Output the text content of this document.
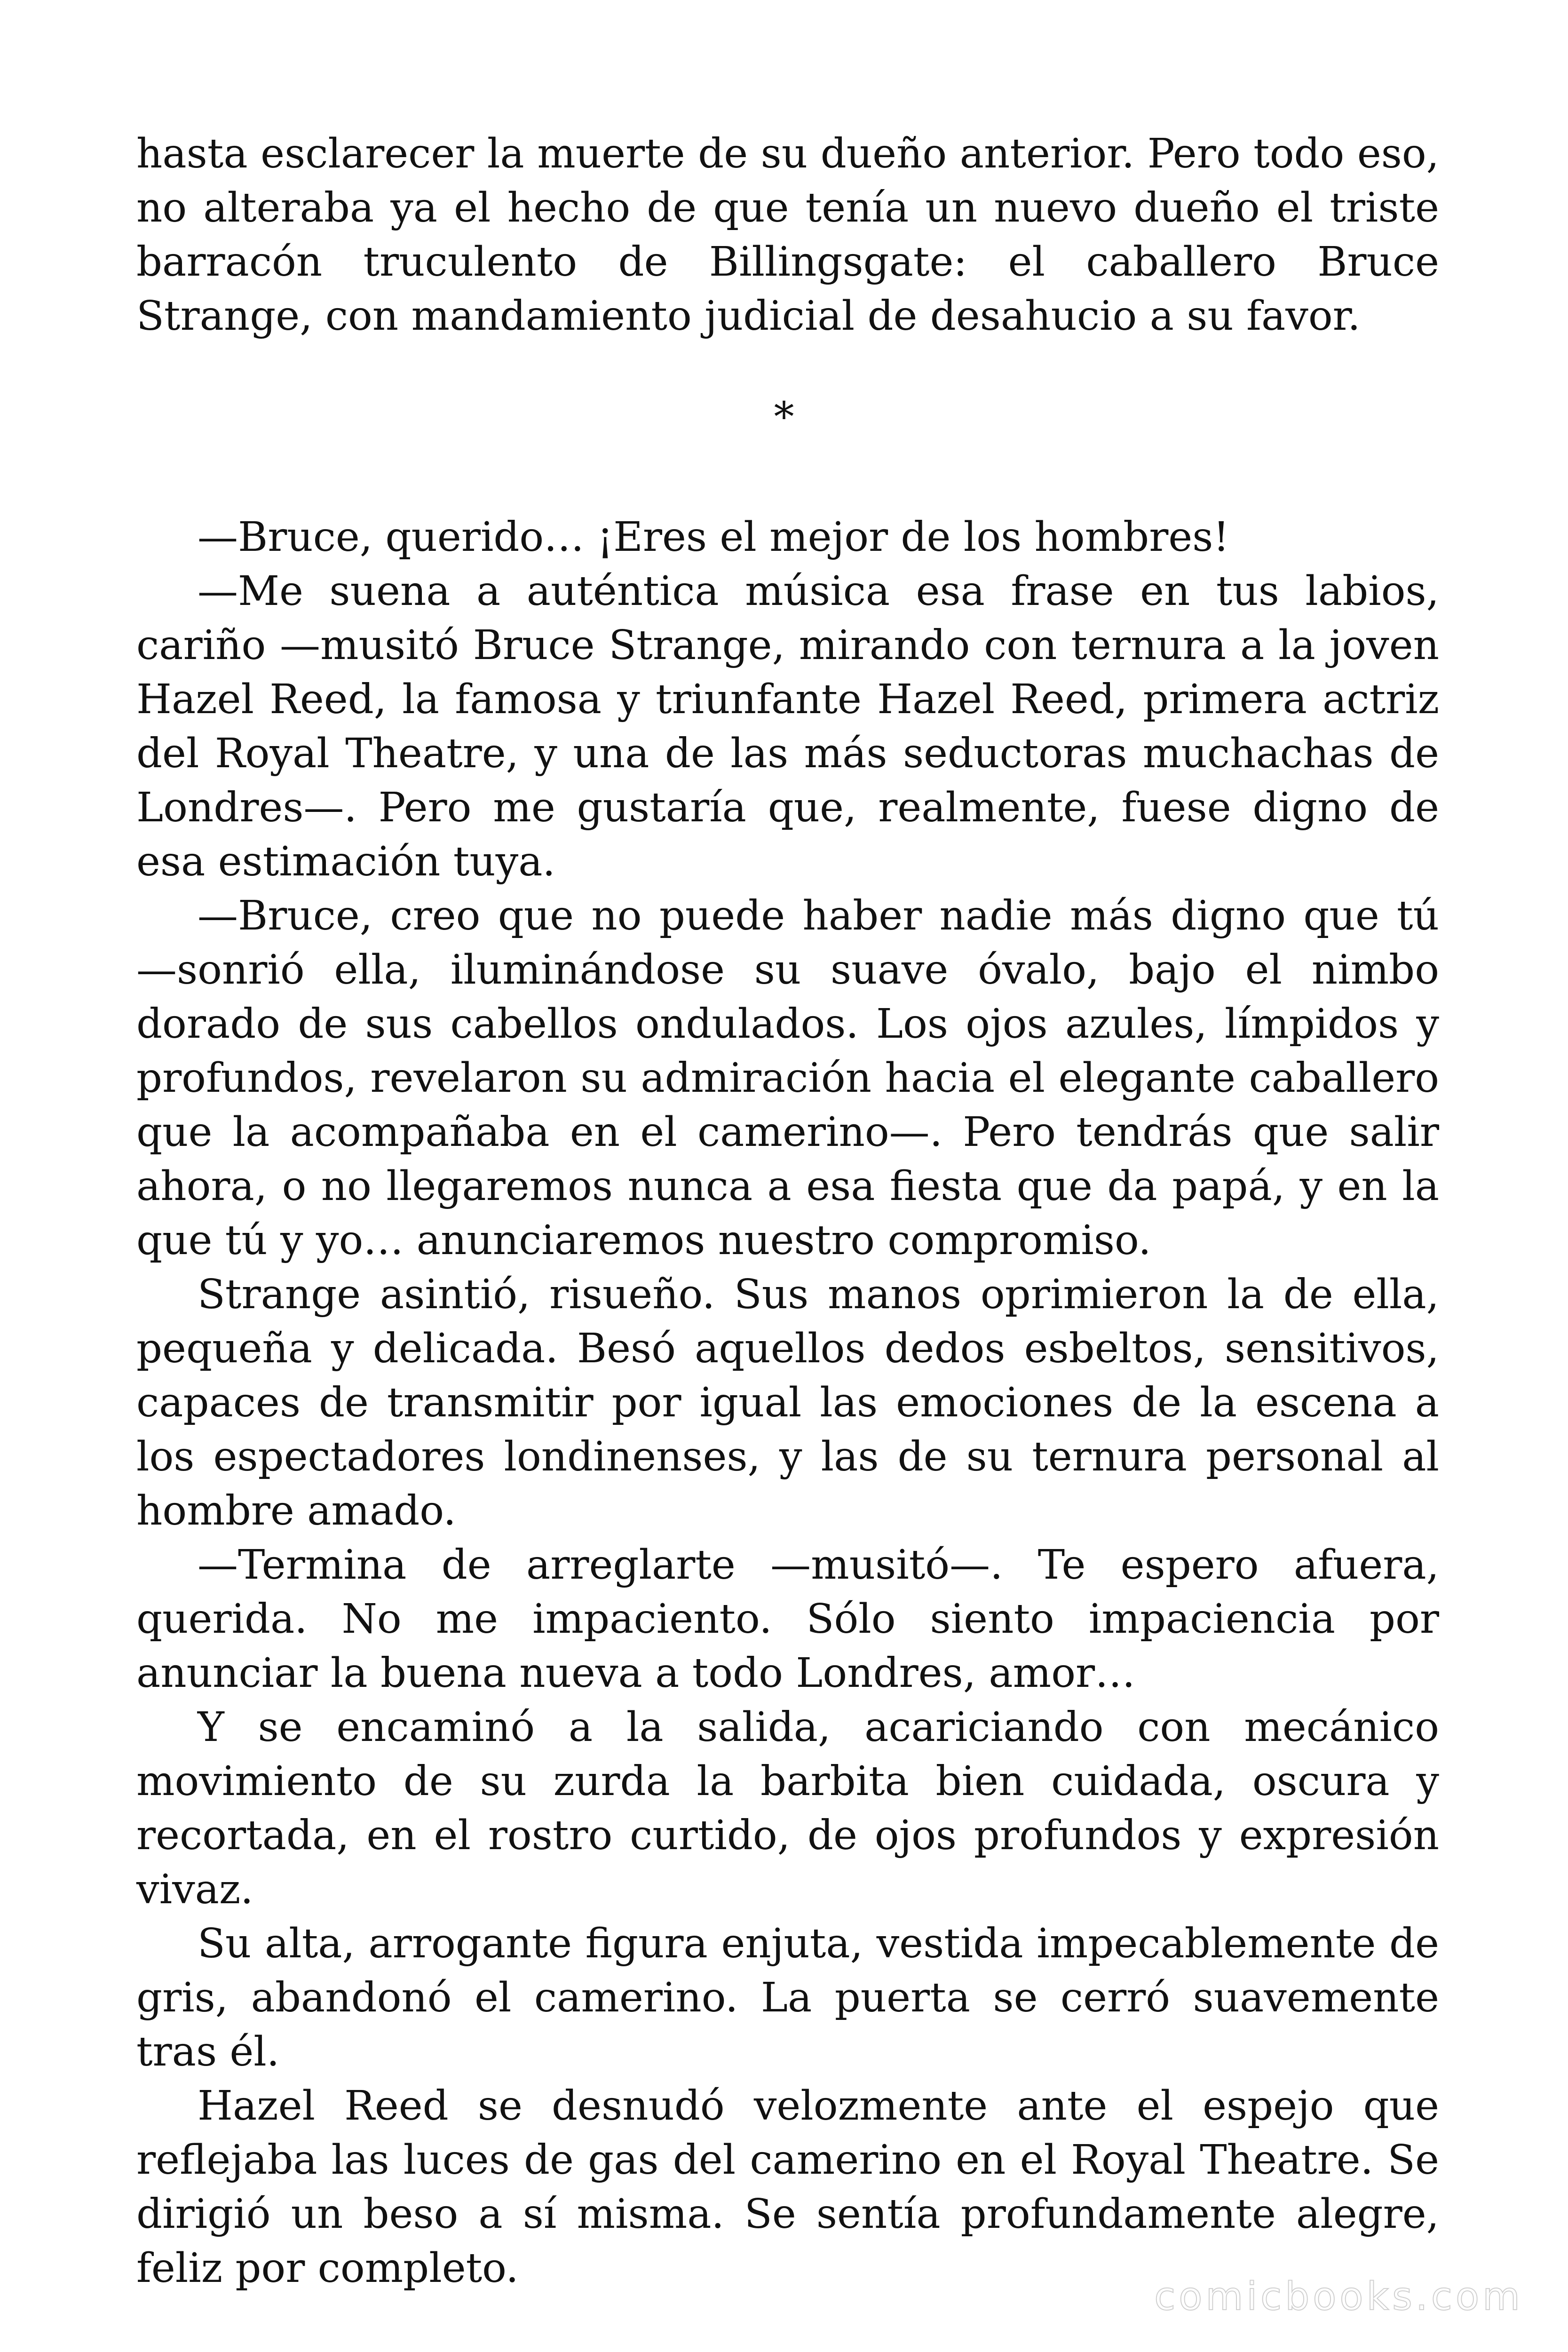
hasta esclarecer la muerte de su dueño anterior. Pero todo eso, no alteraba ya el hecho de que tenía un nuevo dueño el triste barracón truculento de Billingsgate: el caballero Bruce Strange, con mandamiento judicial de desahucio a su favor.

*

—Bruce, querido… ¡Eres el mejor de los hombres!

—Me suena a auténtica música esa frase en tus labios, cariño —musitó Bruce Strange, mirando con ternura a la joven Hazel Reed, la famosa y triunfante Hazel Reed, primera actriz del Royal Theatre, y una de las más seductoras muchachas de Londres—. Pero me gustaría que, realmente, fuese digno de esa estimación tuya.

—Bruce, creo que no puede haber nadie más digno que tú —sonrió ella, iluminándose su suave óvalo, bajo el nimbo dorado de sus cabellos ondulados. Los ojos azules, límpidos y profundos, revelaron su admiración hacia el elegante caballero que la acompañaba en el camerino—. Pero tendrás que salir ahora, o no llegaremos nunca a esa fiesta que da papá, y en la que tú y yo… anunciaremos nuestro compromiso.

Strange asintió, risueño. Sus manos oprimieron la de ella, pequeña y delicada. Besó aquellos dedos esbeltos, sensitivos, capaces de transmitir por igual las emociones de la escena a los espectadores londinenses, y las de su ternura personal al hombre amado.

—Termina de arreglarte —musitó—. Te espero afuera, querida. No me impaciento. Sólo siento impaciencia por anunciar la buena nueva a todo Londres, amor…

Y se encaminó a la salida, acariciando con mecánico movimiento de su zurda la barbita bien cuidada, oscura y recortada, en el rostro curtido, de ojos profundos y expresión vivaz.

Su alta, arrogante figura enjuta, vestida impecablemente de gris, abandonó el camerino. La puerta se cerró suavemente tras él.

Hazel Reed se desnudó velozmente ante el espejo que reflejaba las luces de gas del camerino en el Royal Theatre. Se dirigió un beso a sí misma. Se sentía profundamente alegre, feliz por completo.

comicbooks.com
